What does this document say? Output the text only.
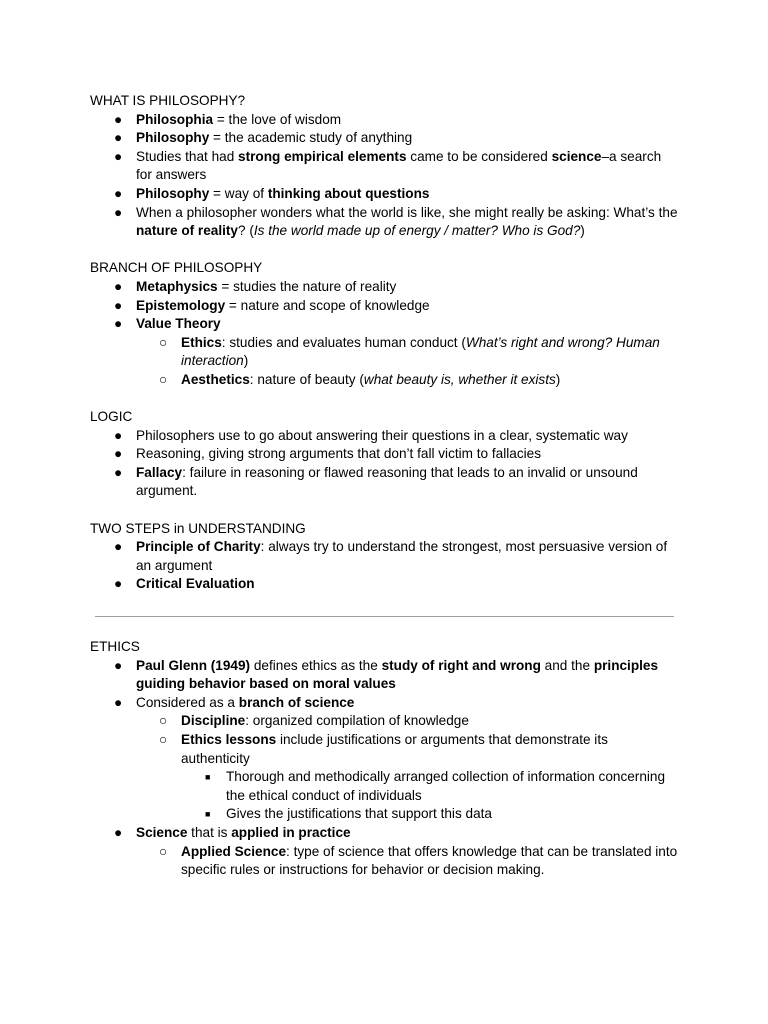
WHAT IS PHILOSOPHY?

● Philosophia = the love of wisdom
● Philosophy = the academic study of anything
● Studies that had strong empirical elements came to be considered science–a search for answers
● Philosophy = way of thinking about questions
● When a philosopher wonders what the world is like, she might really be asking: What’s the nature of reality? (Is the world made up of energy / matter? Who is God?)

BRANCH OF PHILOSOPHY

● Metaphysics = studies the nature of reality
● Epistemology = nature and scope of knowledge
● Value Theory
○ Ethics: studies and evaluates human conduct (What’s right and wrong? Human interaction)
○ Aesthetics: nature of beauty (what beauty is, whether it exists)

LOGIC

● Philosophers use to go about answering their questions in a clear, systematic way
● Reasoning, giving strong arguments that don’t fall victim to fallacies
● Fallacy: failure in reasoning or flawed reasoning that leads to an invalid or unsound argument.

TWO STEPS in UNDERSTANDING

● Principle of Charity: always try to understand the strongest, most persuasive version of an argument
● Critical Evaluation

ETHICS

● Paul Glenn (1949) defines ethics as the study of right and wrong and the principles guiding behavior based on moral values
● Considered as a branch of science
○ Discipline: organized compilation of knowledge
○ Ethics lessons include justifications or arguments that demonstrate its authenticity
■ Thorough and methodically arranged collection of information concerning the ethical conduct of individuals
■ Gives the justifications that support this data
● Science that is applied in practice
○ Applied Science: type of science that offers knowledge that can be translated into specific rules or instructions for behavior or decision making.
